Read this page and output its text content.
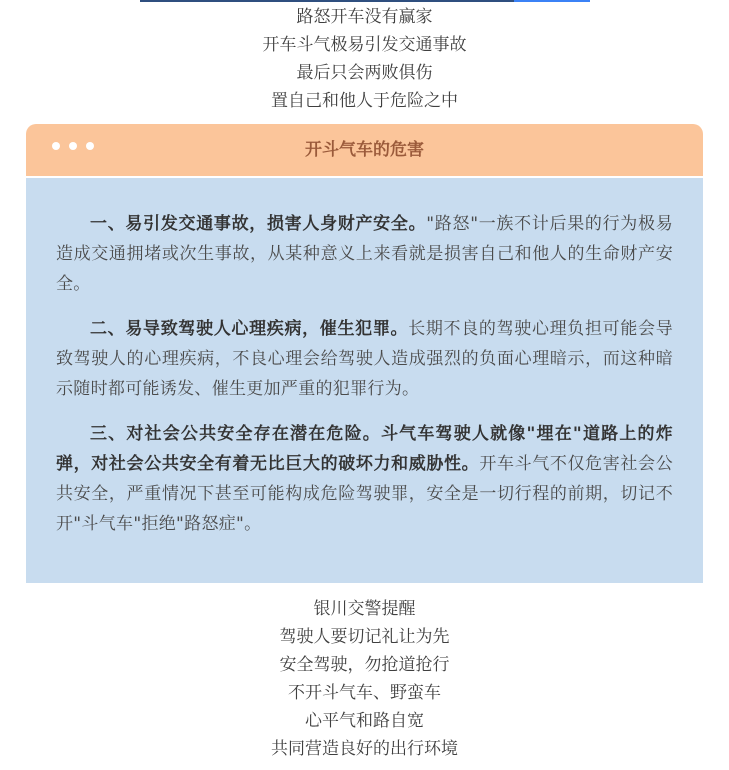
路怒开车没有赢家
开车斗气极易引发交通事故
最后只会两败俱伤
置自己和他人于危险之中
开斗气车的危害

一、易引发交通事故，损害人身财产安全。"路怒"一族不计后果的行为极易造成交通拥堵或次生事故，从某种意义上来看就是损害自己和他人的生命财产安全。

二、易导致驾驶人心理疾病，催生犯罪。长期不良的驾驶心理负担可能会导致驾驶人的心理疾病，不良心理会给驾驶人造成强烈的负面心理暗示，而这种暗示随时都可能诱发、催生更加严重的犯罪行为。

三、对社会公共安全存在潜在危险。斗气车驾驶人就像"埋在"道路上的炸弹，对社会公共安全有着无比巨大的破坏力和威胁性。开车斗气不仅危害社会公共安全，严重情况下甚至可能构成危险驾驶罪，安全是一切行程的前期，切记不开"斗气车"拒绝"路怒症"。

银川交警提醒
驾驶人要切记礼让为先
安全驾驶，勿抢道抢行
不开斗气车、野蛮车
心平气和路自宽
共同营造良好的出行环境
